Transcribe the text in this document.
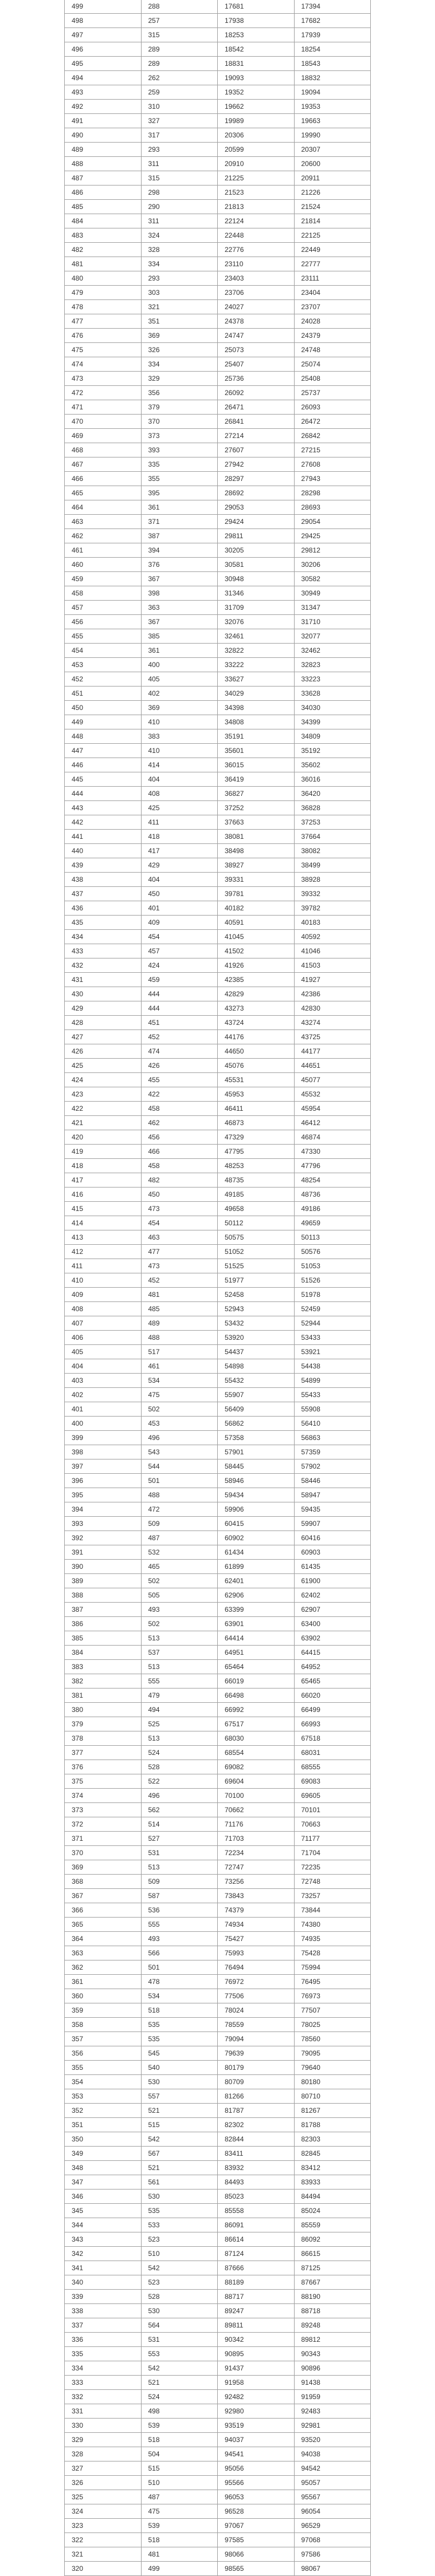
499	288	17681	17394
498	257	17938	17682
497	315	18253	17939
496	289	18542	18254
495	289	18831	18543
494	262	19093	18832
493	259	19352	19094
492	310	19662	19353
491	327	19989	19663
490	317	20306	19990
489	293	20599	20307
488	311	20910	20600
487	315	21225	20911
486	298	21523	21226
485	290	21813	21524
484	311	22124	21814
483	324	22448	22125
482	328	22776	22449
481	334	23110	22777
480	293	23403	23111
479	303	23706	23404
478	321	24027	23707
477	351	24378	24028
476	369	24747	24379
475	326	25073	24748
474	334	25407	25074
473	329	25736	25408
472	356	26092	25737
471	379	26471	26093
470	370	26841	26472
469	373	27214	26842
468	393	27607	27215
467	335	27942	27608
466	355	28297	27943
465	395	28692	28298
464	361	29053	28693
463	371	29424	29054
462	387	29811	29425
461	394	30205	29812
460	376	30581	30206
459	367	30948	30582
458	398	31346	30949
457	363	31709	31347
456	367	32076	31710
455	385	32461	32077
454	361	32822	32462
453	400	33222	32823
452	405	33627	33223
451	402	34029	33628
450	369	34398	34030
449	410	34808	34399
448	383	35191	34809
447	410	35601	35192
446	414	36015	35602
445	404	36419	36016
444	408	36827	36420
443	425	37252	36828
442	411	37663	37253
441	418	38081	37664
440	417	38498	38082
439	429	38927	38499
438	404	39331	38928
437	450	39781	39332
436	401	40182	39782
435	409	40591	40183
434	454	41045	40592
433	457	41502	41046
432	424	41926	41503
431	459	42385	41927
430	444	42829	42386
429	444	43273	42830
428	451	43724	43274
427	452	44176	43725
426	474	44650	44177
425	426	45076	44651
424	455	45531	45077
423	422	45953	45532
422	458	46411	45954
421	462	46873	46412
420	456	47329	46874
419	466	47795	47330
418	458	48253	47796
417	482	48735	48254
416	450	49185	48736
415	473	49658	49186
414	454	50112	49659
413	463	50575	50113
412	477	51052	50576
411	473	51525	51053
410	452	51977	51526
409	481	52458	51978
408	485	52943	52459
407	489	53432	52944
406	488	53920	53433
405	517	54437	53921
404	461	54898	54438
403	534	55432	54899
402	475	55907	55433
401	502	56409	55908
400	453	56862	56410
399	496	57358	56863
398	543	57901	57359
397	544	58445	57902
396	501	58946	58446
395	488	59434	58947
394	472	59906	59435
393	509	60415	59907
392	487	60902	60416
391	532	61434	60903
390	465	61899	61435
389	502	62401	61900
388	505	62906	62402
387	493	63399	62907
386	502	63901	63400
385	513	64414	63902
384	537	64951	64415
383	513	65464	64952
382	555	66019	65465
381	479	66498	66020
380	494	66992	66499
379	525	67517	66993
378	513	68030	67518
377	524	68554	68031
376	528	69082	68555
375	522	69604	69083
374	496	70100	69605
373	562	70662	70101
372	514	71176	70663
371	527	71703	71177
370	531	72234	71704
369	513	72747	72235
368	509	73256	72748
367	587	73843	73257
366	536	74379	73844
365	555	74934	74380
364	493	75427	74935
363	566	75993	75428
362	501	76494	75994
361	478	76972	76495
360	534	77506	76973
359	518	78024	77507
358	535	78559	78025
357	535	79094	78560
356	545	79639	79095
355	540	80179	79640
354	530	80709	80180
353	557	81266	80710
352	521	81787	81267
351	515	82302	81788
350	542	82844	82303
349	567	83411	82845
348	521	83932	83412
347	561	84493	83933
346	530	85023	84494
345	535	85558	85024
344	533	86091	85559
343	523	86614	86092
342	510	87124	86615
341	542	87666	87125
340	523	88189	87667
339	528	88717	88190
338	530	89247	88718
337	564	89811	89248
336	531	90342	89812
335	553	90895	90343
334	542	91437	90896
333	521	91958	91438
332	524	92482	91959
331	498	92980	92483
330	539	93519	92981
329	518	94037	93520
328	504	94541	94038
327	515	95056	94542
326	510	95566	95057
325	487	96053	95567
324	475	96528	96054
323	539	97067	96529
322	518	97585	97068
321	481	98066	97586
320	499	98565	98067
